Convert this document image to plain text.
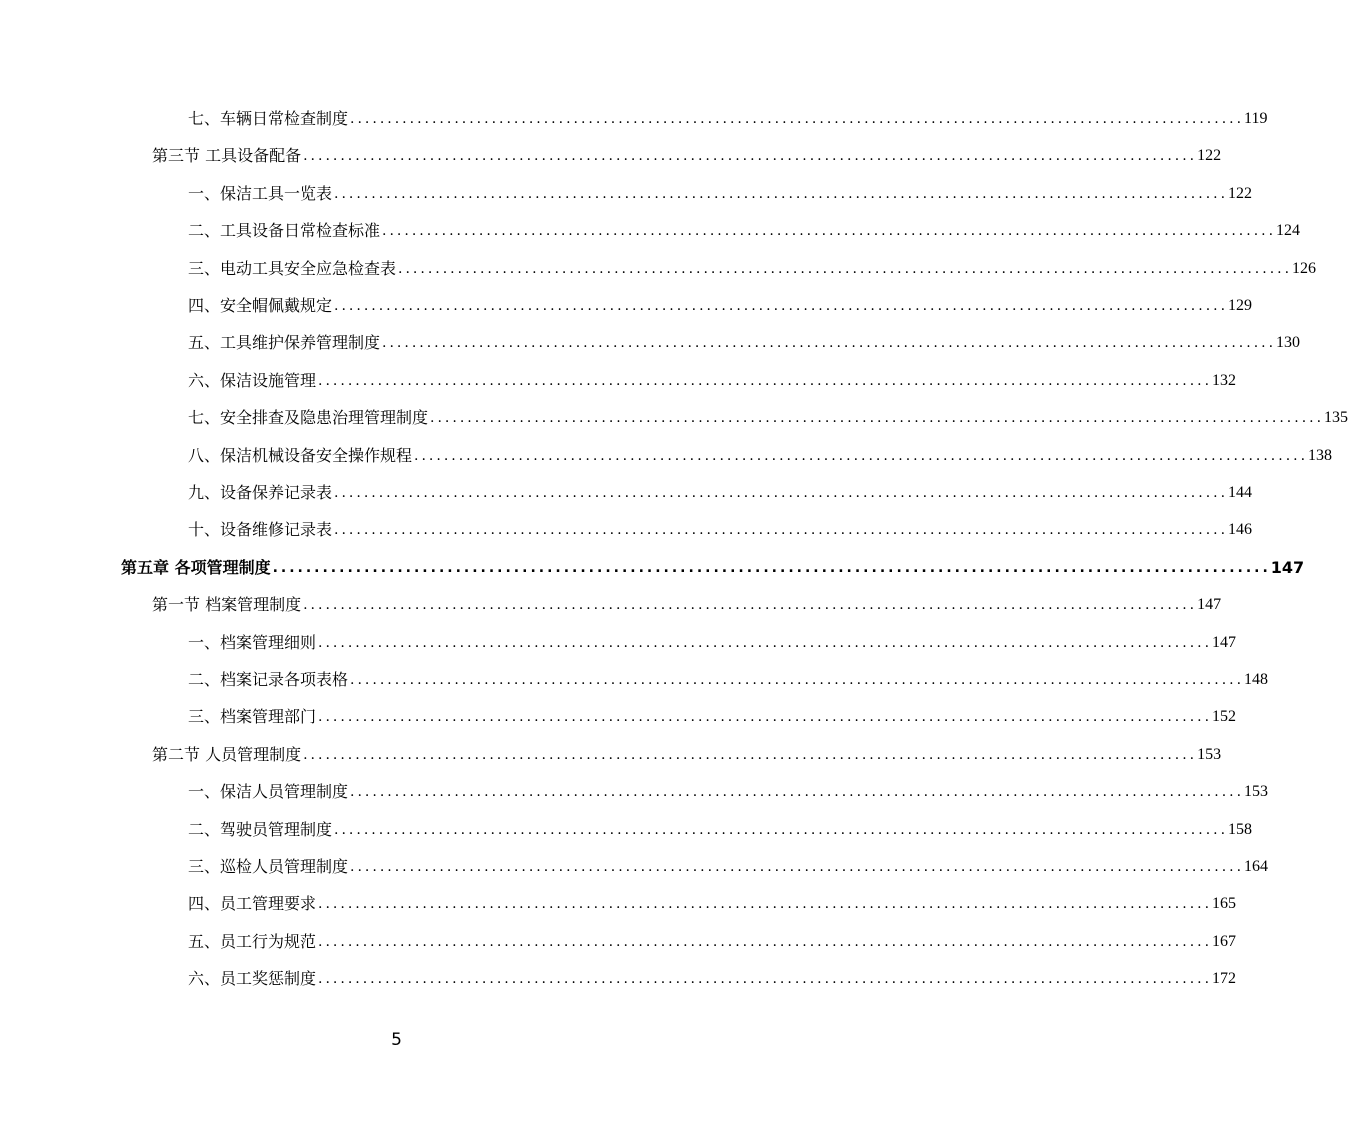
七、车辆日常检查制度 ........................................................................................................................ 119
第三节 工具设备配备 ........................................................................................................................ 122
一、保洁工具一览表 ........................................................................................................................ 122
二、工具设备日常检查标准 ........................................................................................................................ 124
三、电动工具安全应急检查表 ........................................................................................................................ 126
四、安全帽佩戴规定 ........................................................................................................................ 129
五、工具维护保养管理制度 ........................................................................................................................ 130
六、保洁设施管理 ........................................................................................................................ 132
七、安全排查及隐患治理管理制度 ........................................................................................................................ 135
八、保洁机械设备安全操作规程 ........................................................................................................................ 138
九、设备保养记录表 ........................................................................................................................ 144
十、设备维修记录表 ........................................................................................................................ 146
第五章 各项管理制度 ........................................................................................................................ 147
第一节 档案管理制度 ........................................................................................................................ 147
一、档案管理细则 ........................................................................................................................ 147
二、档案记录各项表格 ........................................................................................................................ 148
三、档案管理部门 ........................................................................................................................ 152
第二节 人员管理制度 ........................................................................................................................ 153
一、保洁人员管理制度 ........................................................................................................................ 153
二、驾驶员管理制度 ........................................................................................................................ 158
三、巡检人员管理制度 ........................................................................................................................ 164
四、员工管理要求 ........................................................................................................................ 165
五、员工行为规范 ........................................................................................................................ 167
六、员工奖惩制度 ........................................................................................................................ 172
5
